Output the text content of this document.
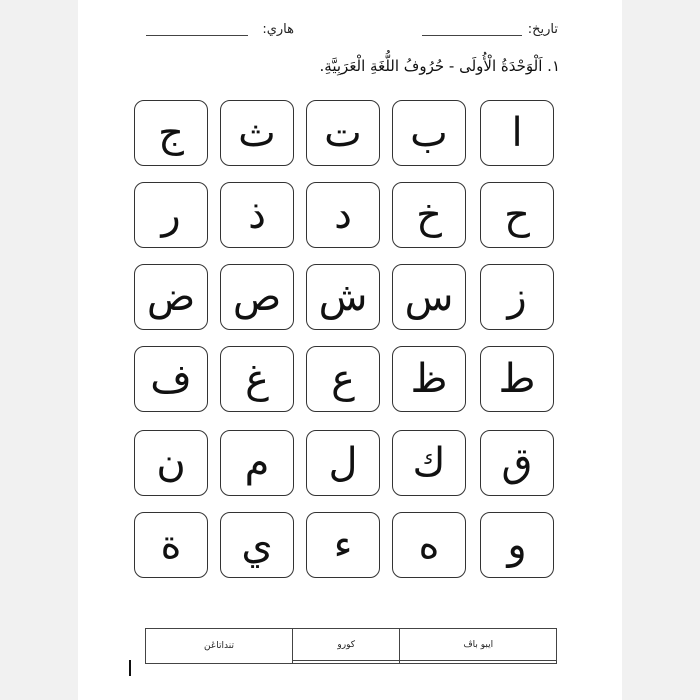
تاريخ:
هاري:
١. اَلْوَحْدَةُ الْأُولَى - حُرُوفُ اللُّغَةِ الْعَرَبِيَّةِ.
ا
ب
ت
ث
ج
ح
خ
د
ذ
ر
ز
س
ش
ص
ض
ط
ظ
ع
غ
ف
ق
ك
ل
م
ن
و
ه
ء
ي
ة
تنداتاڠن	كورو	ايبو باڤ
